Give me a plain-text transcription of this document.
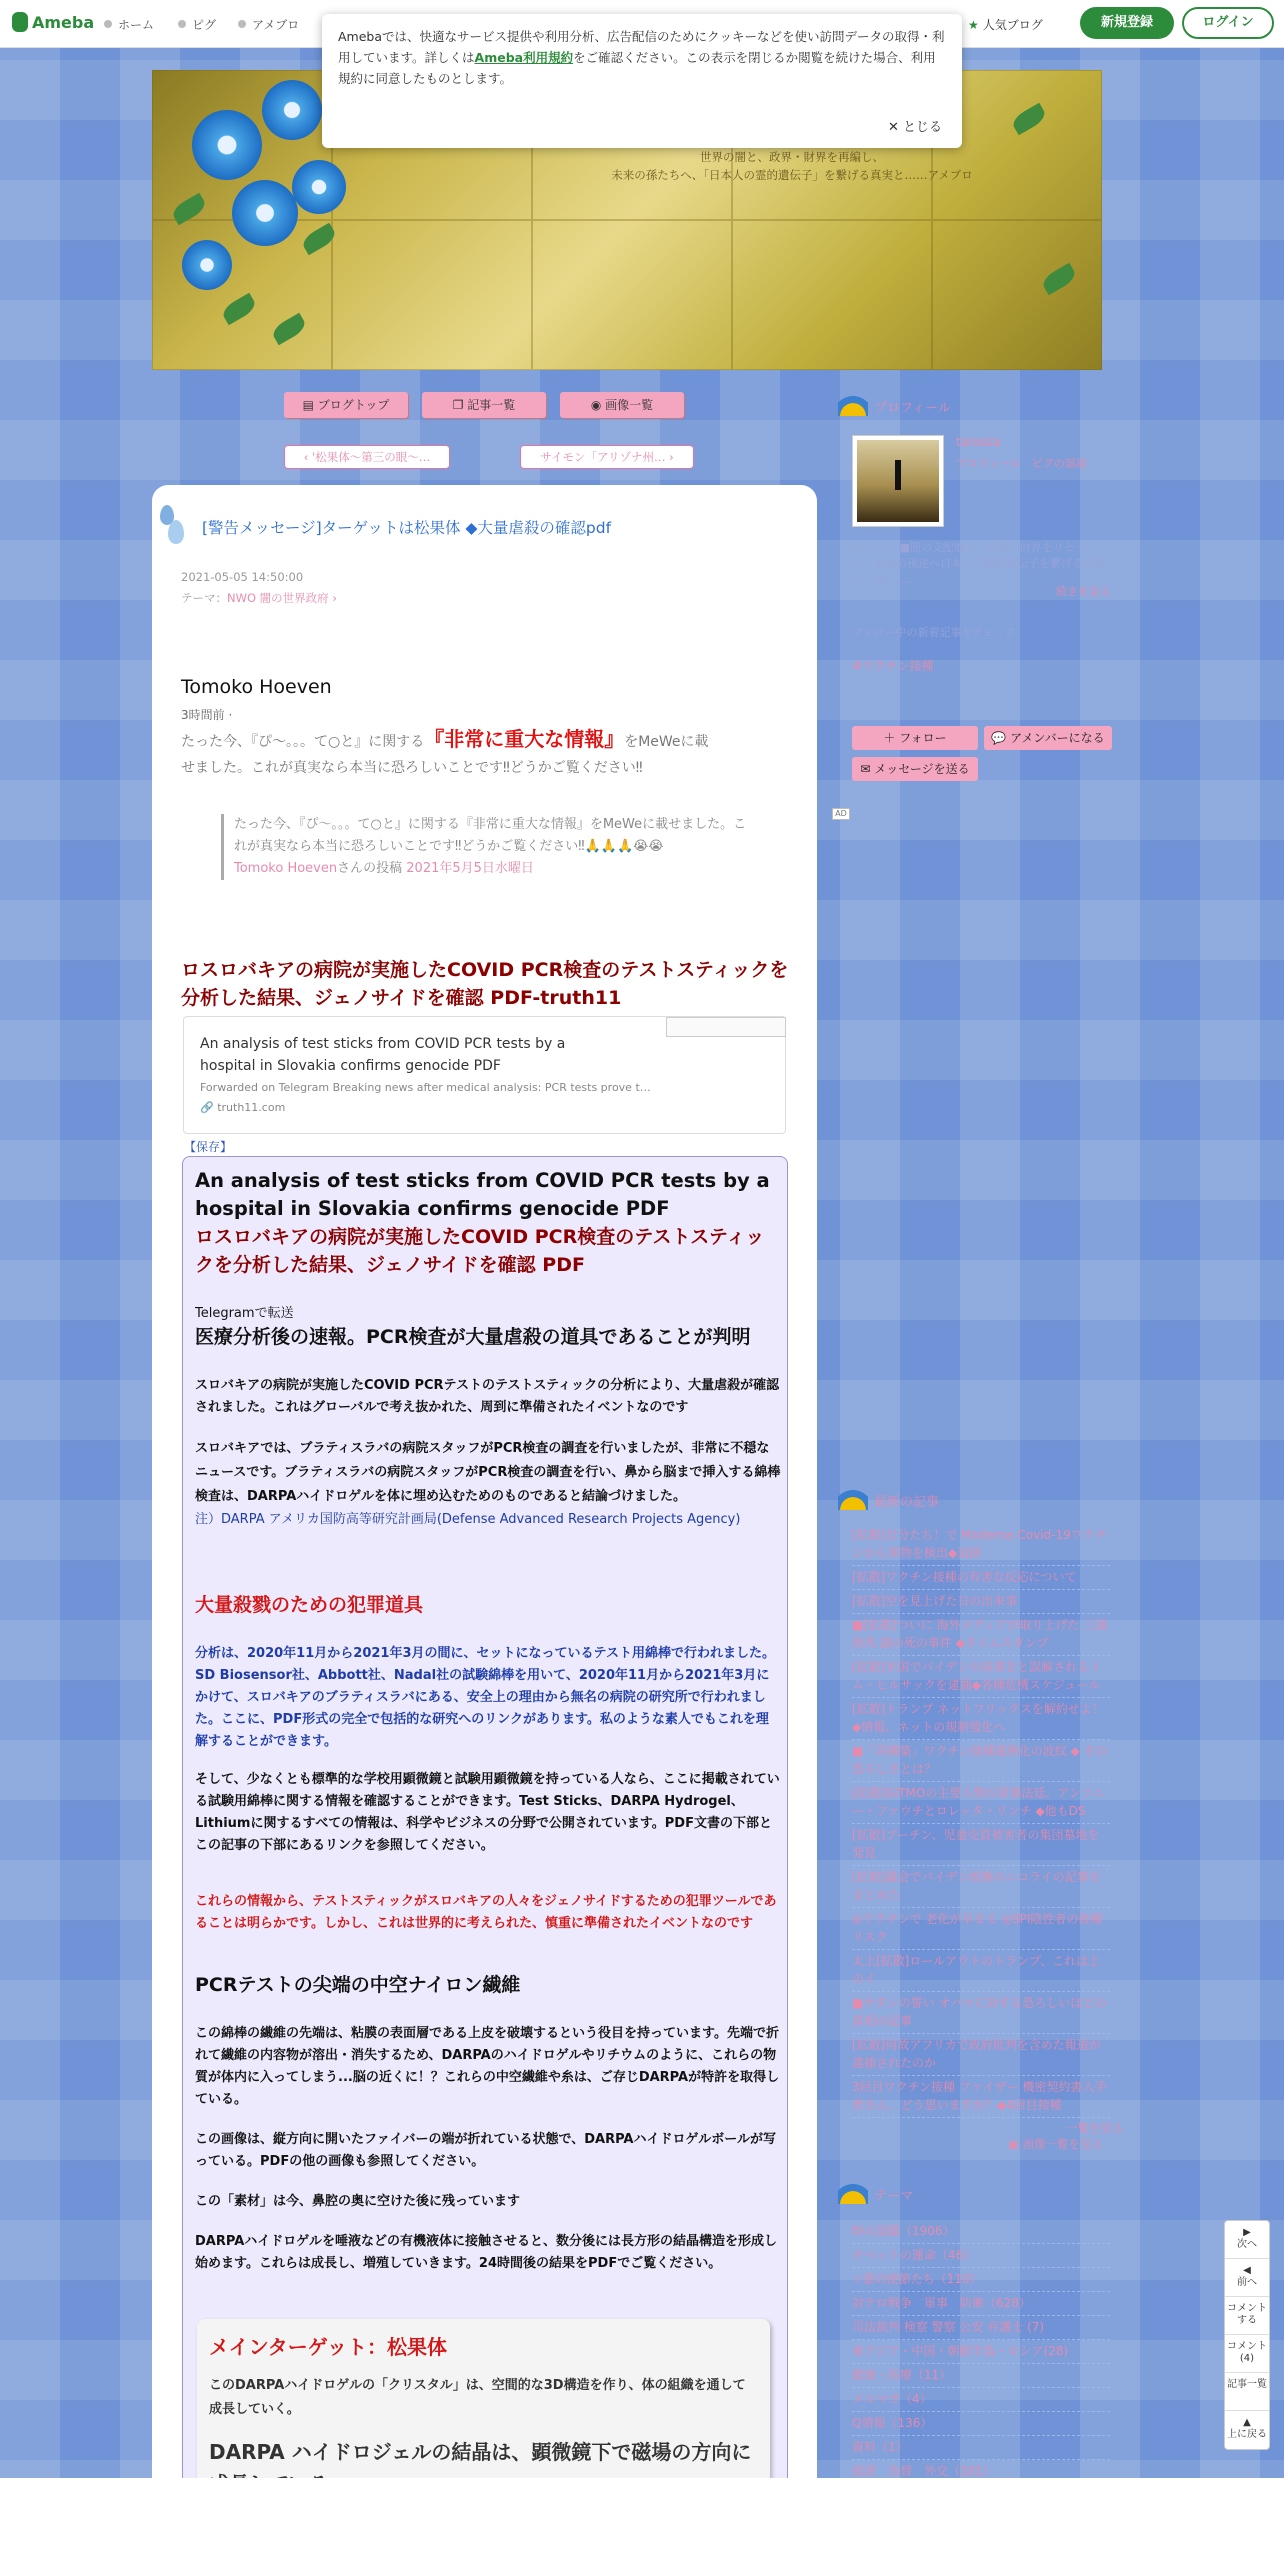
Ameba	ホーム	ピグ	アメブロ	★ 人気ブログ	新規登録	ログイン
Amebaでは、快適なサービス提供や利用分析、広告配信のためにクッキーなどを使い訪問データの取得・利用しています。詳しくはAmeba利用規約をご確認ください。この表示を閉じるか閲覧を続けた場合、利用規約に同意したものとします。
✕ とじる
世界の闇と、政界・財界を再編し、
未来の孫たちへ、「日本人の霊的遺伝子」を繋げる真実と……アメブロ
▤ ブログトップ	❐ 記事一覧	◉ 画像一覧
‹ '松果体〜第三の眼〜…	サイモン「アリゾナ州… ›
[警告メッセージ]ターゲットは松果体 ◆大量虐殺の確認pdf
2021-05-05 14:50:00
テーマ：NWO 闇の世界政府 ›
Tomoko Hoeven
3時間前 ·
たった今、『ぴ〜。。。て○と』に関する『非常に重大な情報』をMeWeに載せました。これが真実なら本当に恐ろしいことです‼︎どうかご覧ください‼︎
たった今、『ぴ〜。。。て○と』に関する『非常に重大な情報』をMeWeに載せました。これが真実なら本当に恐ろしいことです‼︎どうかご覧ください‼︎🙏🙏🙏😭😭
Tomoko Hoevenさんの投稿 2021年5月5日水曜日
ロスロバキアの病院が実施したCOVID PCR検査のテストスティックを分析した結果、ジェノサイドを確認 PDF-truth11
An analysis of test sticks from COVID PCR tests by a hospital in Slovakia confirms genocide PDF
Forwarded on Telegram Breaking news after medical analysis: PCR tests prove t…
🔗 truth11.com
【保存】
An analysis of test sticks from COVID PCR tests by a hospital in Slovakia confirms genocide PDF
ロスロバキアの病院が実施したCOVID PCR検査のテストスティックを分析した結果、ジェノサイドを確認 PDF
Telegramで転送
医療分析後の速報。PCR検査が大量虐殺の道具であることが判明
スロバキアの病院が実施したCOVID PCRテストのテストスティックの分析により、大量虐殺が確認されました。これはグローバルで考え抜かれた、周到に準備されたイベントなのです
スロバキアでは、ブラティスラバの病院スタッフがPCR検査の調査を行いましたが、非常に不穏なニュースです。ブラティスラバの病院スタッフがPCR検査の調査を行い、鼻から脳まで挿入する綿棒検査は、DARPAハイドロゲルを体に埋め込むためのものであると結論づけました。
注）DARPA アメリカ国防高等研究計画局(Defense Advanced Research Projects Agency)
大量殺戮のための犯罪道具
分析は、2020年11月から2021年3月の間に、セットになっているテスト用綿棒で行われました。SD Biosensor社、Abbott社、Nadal社の試験綿棒を用いて、2020年11月から2021年3月にかけて、スロバキアのブラティスラバにある、安全上の理由から無名の病院の研究所で行われました。ここに、PDF形式の完全で包括的な研究へのリンクがあります。私のような素人でもこれを理解することができます。
そして、少なくとも標準的な学校用顕微鏡と試験用顕微鏡を持っている人なら、ここに掲載されている試験用綿棒に関する情報を確認することができます。Test Sticks、DARPA Hydrogel、Lithiumに関するすべての情報は、科学やビジネスの分野で公開されています。PDF文書の下部とこの記事の下部にあるリンクを参照してください。
これらの情報から、テストスティックがスロバキアの人々をジェノサイドするための犯罪ツールであることは明らかです。しかし、これは世界的に考えられた、慎重に準備されたイベントなのです
PCRテストの尖端の中空ナイロン繊維
この綿棒の繊維の先端は、粘膜の表面層である上皮を破壊するという役目を持っています。先端で折れて繊維の内容物が溶出・消失するため、DARPAのハイドロゲルやリチウムのように、これらの物質が体内に入ってしまう...脳の近くに！？これらの中空繊維や糸は、ご存じDARPAが特許を取得している。
この画像は、縦方向に開いたファイバーの端が折れている状態で、DARPAハイドロゲルボールが写っている。PDFの他の画像も参照してください。
この「素材」は今、鼻腔の奥に空けた後に残っています
DARPAハイドロゲルを唾液などの有機液体に接触させると、数分後には長方形の結晶構造を形成し始めます。これらは成長し、増殖していきます。24時間後の結果をPDFでご覧ください。
メインターゲット：松果体
このDARPAハイドロゲルの「クリスタル」は、空間的な3D構造を作り、体の組織を通して成長していく。
DARPA ハイドロジェルの結晶は、顕微鏡下で磁場の方向に
プロフィール
tarooza
プロフィール　ピグの部屋
ようこそ ■闇の支配層と、政界・財界をリセットし、未来の孫達へ日本人の霊的遺伝子を繋げる真実と、DS……
続きを見る
フォロー中の新着記事をチェック
#ワクチン接種
＋ フォロー	💬 アメンバーになる
✉ メッセージを送る
AD
最新の記事
[拡散]自分たち！で Moderna Covid-19ワクチンから異物を検出◆追跡
[拡散]ワクチン接種の有害な反応について
[拡散]空を見上げた日の出来事
■[拡散]ついに 海外メディアが取り上げた 三浦春馬 謎の死の事件 ◆タイムスタンプ
[拡散]米国でバイデンの肩書きと誤解されるトム・ヒルサックを逮捕◆各種危機スケジュール
[拡散]トランプ ネットフリックスを解約せよ！◆情報、ネットの規制強化へ
■「再構築」ワクチン接種義務化の波紋 ◆ その恐ろしさとは？
[拡散]GITMOの主要人物の軍事法廷、アンソニー・ファウチとロレッタ・リンチ ◆他もDS
[拡散]プーチン、児童売買被害者の集団墓地を発見
[拡散]議会でバイデン政権のニコライの記事をまとめた
◎ワクチンで 老化が早まる ◎SPI陰性者の接種リスク
太上[拡散]ロールアウトのトランプ、これは上のイ
■サタンの誓い オバマに対する恐ろしいほどの真相の記事
[拡散]何故アフリカで政府批判を含めた報道が逮捕されたのか
3回目ワクチン接種 ファイザー 機密契約書入手 皆さん、どう思いますか？◆4回目接種
一覧を見る
▣ 画像一覧を見る
テーマ
時の話題（1906）
チベットの運命（46）
☆霊の使節たち（110）
対テロ戦争　軍事　防衛（628）
司法裁判 検察 警察 公安 弁護士 (7)
東アジア・中国・朝鮮半島・ロシア(28)
健康・医療（11）
メルマガ（4）
Q情報（136）
資料（1）
経済　為替　外交（101）
▶
次へ
◀
前へ
コメントする
コメント(4)
記事一覧
▲
上に戻る
